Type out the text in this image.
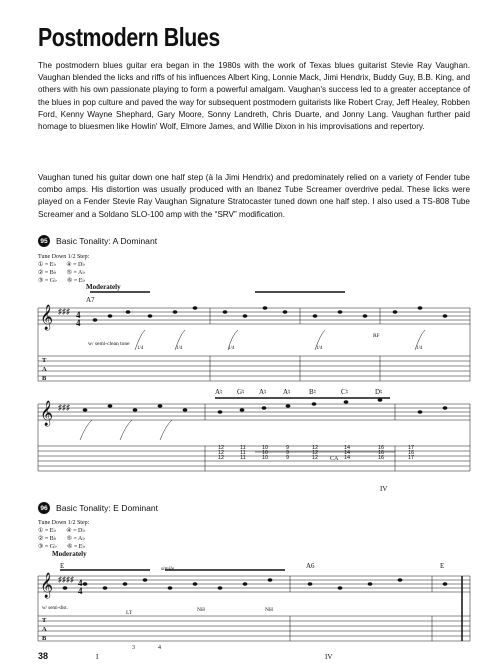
Postmodern Blues
The postmodern blues guitar era began in the 1980s with the work of Texas blues guitarist Stevie Ray Vaughan. Vaughan blended the licks and riffs of his influences Albert King, Lonnie Mack, Jimi Hendrix, Buddy Guy, B.B. King, and others with his own passionate playing to form a powerful amalgam. Vaughan's success led to a greater acceptance of the blues in pop culture and paved the way for subsequent postmodern guitarists like Robert Cray, Jeff Healey, Robben Ford, Kenny Wayne Shephard, Gary Moore, Sonny Landreth, Chris Duarte, and Jonny Lang. Vaughan further paid homage to bluesmen like Howlin' Wolf, Elmore James, and Willie Dixon in his improvisations and repertory.
Vaughan tuned his guitar down one half step (à la Jimi Hendrix) and predominately relied on a variety of Fender tube combo amps. His distortion was usually produced with an Ibanez Tube Screamer overdrive pedal. These licks were played on a Fender Stevie Ray Vaughan Signature Stratocaster tuned down one half step. I also used a TS-808 Tube Screamer and a Soldano SLO-100 amp with the “SRV” modification.
95 Basic Tonality: A Dominant
Tune Down 1/2 Step:
① = E♭ ④ = D♭
② = B♭ ⑤ = A♭
③ = G♭ ⑥ = E♭
Moderately
A7
w/ semi-clean tone
RF
1/4	1/4	1/4	1/4	1/4
CA
IV
A♮ G♮ A♮ A♮	B♮	C♮	D♮
96 Basic Tonality: E Dominant
Tune Down 1/2 Step:
① = E♭ ④ = D♭
② = B♭ ⑤ = A♭
③ = G♭ ⑥ = E♭
Moderately
E	A6	E
simile
w/ semi-dist.
LT	NH	NH
I	IV
3	4
38
𝄞
𝄞
𝄞
T
A
B
T
A
B
♯♯♯
♯♯♯
♯♯♯♯
4
4
4
4
12
12
12
11
11
11
10
10
10
9
9
9
12
12
12
14
14
14
16
16
16
17
16
17
